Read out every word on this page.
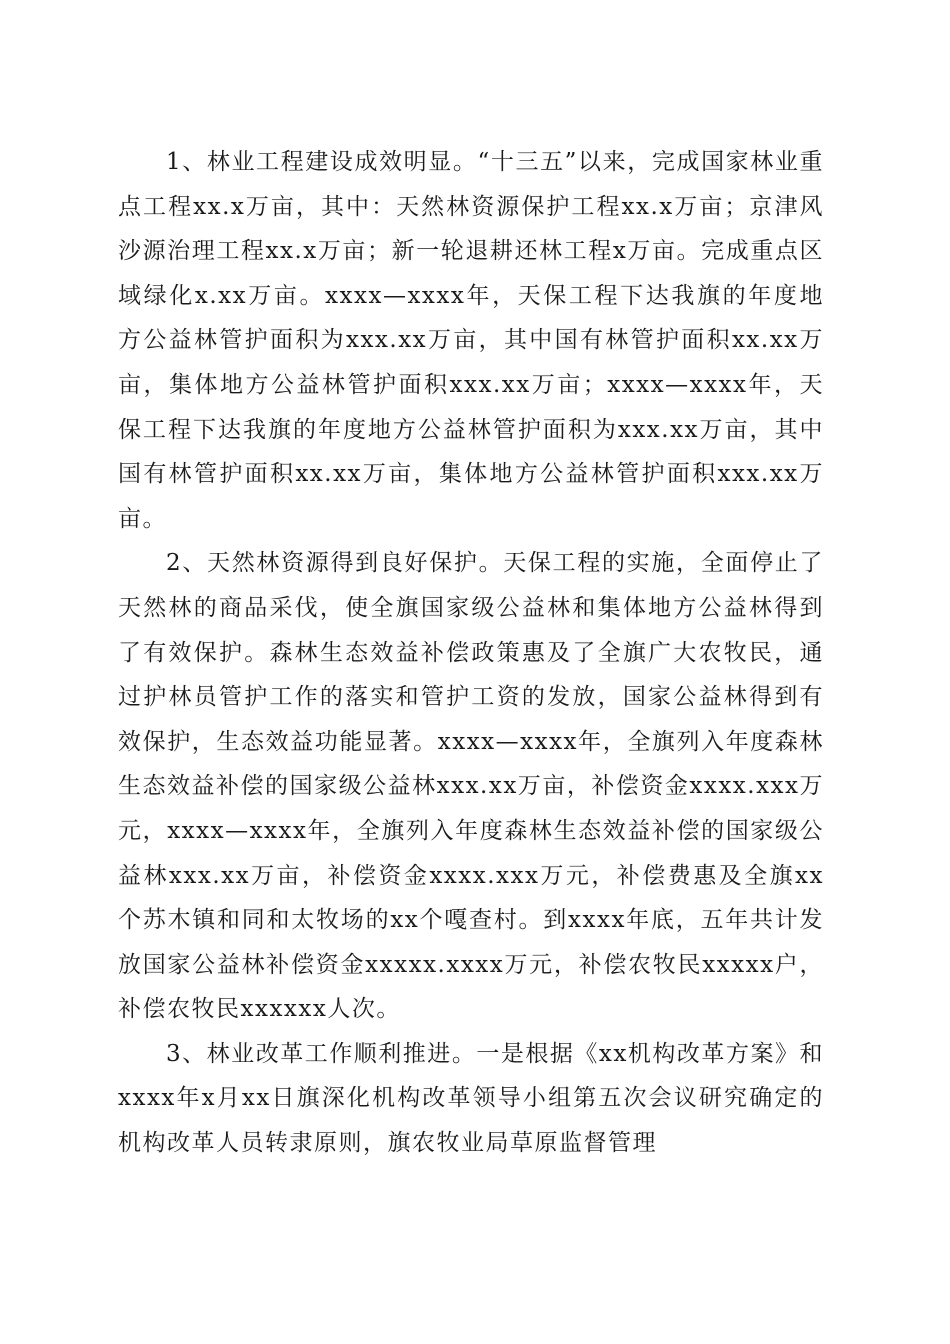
1、林业工程建设成效明显。“十三五”以来，完成国家林业重点工程xx.x万亩，其中：天然林资源保护工程xx.x万亩；京津风沙源治理工程xx.x万亩；新一轮退耕还林工程x万亩。完成重点区域绿化x.xx万亩。xxxx—xxxx年，天保工程下达我旗的年度地方公益林管护面积为xxx.xx万亩，其中国有林管护面积xx.xx万亩，集体地方公益林管护面积xxx.xx万亩；xxxx—xxxx年，天保工程下达我旗的年度地方公益林管护面积为xxx.xx万亩，其中国有林管护面积xx.xx万亩，集体地方公益林管护面积xxx.xx万亩。

2、天然林资源得到良好保护。天保工程的实施，全面停止了天然林的商品采伐，使全旗国家级公益林和集体地方公益林得到了有效保护。森林生态效益补偿政策惠及了全旗广大农牧民，通过护林员管护工作的落实和管护工资的发放，国家公益林得到有效保护，生态效益功能显著。xxxx—xxxx年，全旗列入年度森林生态效益补偿的国家级公益林xxx.xx万亩，补偿资金xxxx.xxx万元，xxxx—xxxx年，全旗列入年度森林生态效益补偿的国家级公益林xxx.xx万亩，补偿资金xxxx.xxx万元，补偿费惠及全旗xx个苏木镇和同和太牧场的xx个嘎查村。到xxxx年底，五年共计发放国家公益林补偿资金xxxxx.xxxx万元，补偿农牧民xxxxx户，补偿农牧民xxxxxx人次。

3、林业改革工作顺利推进。一是根据《xx机构改革方案》和xxxx年x月xx日旗深化机构改革领导小组第五次会议研究确定的机构改革人员转隶原则，旗农牧业局草原监督管理
